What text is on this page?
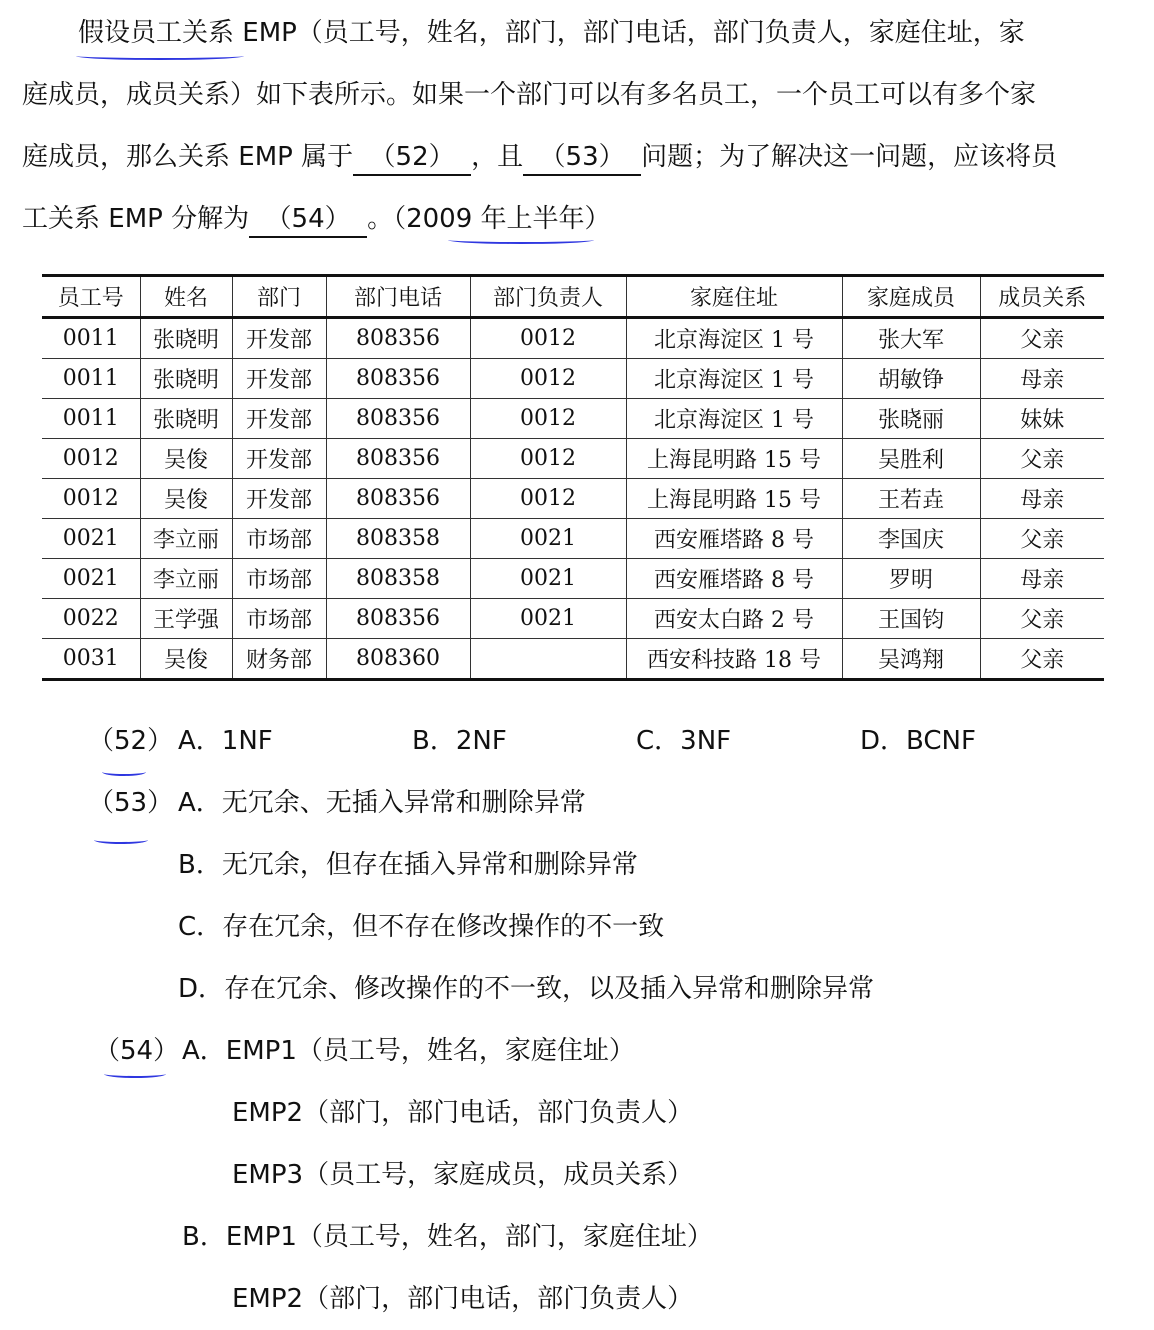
假设员工关系 EMP（员工号，姓名，部门，部门电话，部门负责人，家庭住址，家
庭成员，成员关系）如下表所示。如果一个部门可以有多名员工，一个员工可以有多个家
庭成员，那么关系 EMP 属于 （52） ，且 （53） 问题；为了解决这一问题，应该将员
工关系 EMP 分解为 （54） 。（2009 年上半年）
员工号	姓名	部门	部门电话	部门负责人	家庭住址	家庭成员	成员关系
0011	张晓明	开发部	808356	0012	北京海淀区 1 号	张大军	父亲
0011	张晓明	开发部	808356	0012	北京海淀区 1 号	胡敏铮	母亲
0011	张晓明	开发部	808356	0012	北京海淀区 1 号	张晓丽	妹妹
0012	吴俊	开发部	808356	0012	上海昆明路 15 号	吴胜利	父亲
0012	吴俊	开发部	808356	0012	上海昆明路 15 号	王若垚	母亲
0021	李立丽	市场部	808358	0021	西安雁塔路 8 号	李国庆	父亲
0021	李立丽	市场部	808358	0021	西安雁塔路 8 号	罗明	母亲
0022	王学强	市场部	808356	0021	西安太白路 2 号	王国钧	父亲
0031	吴俊	财务部	808360		西安科技路 18 号	吴鸿翔	父亲
（52） A．1NF	B．2NF	C．3NF	D．BCNF
（53） A．无冗余、无插入异常和删除异常
B．无冗余，但存在插入异常和删除异常
C．存在冗余，但不存在修改操作的不一致
D．存在冗余、修改操作的不一致，以及插入异常和删除异常
（54） A．EMP1（员工号，姓名，家庭住址）
EMP2（部门，部门电话，部门负责人）
EMP3（员工号，家庭成员，成员关系）
B．EMP1（员工号，姓名，部门，家庭住址）
EMP2（部门，部门电话，部门负责人）
